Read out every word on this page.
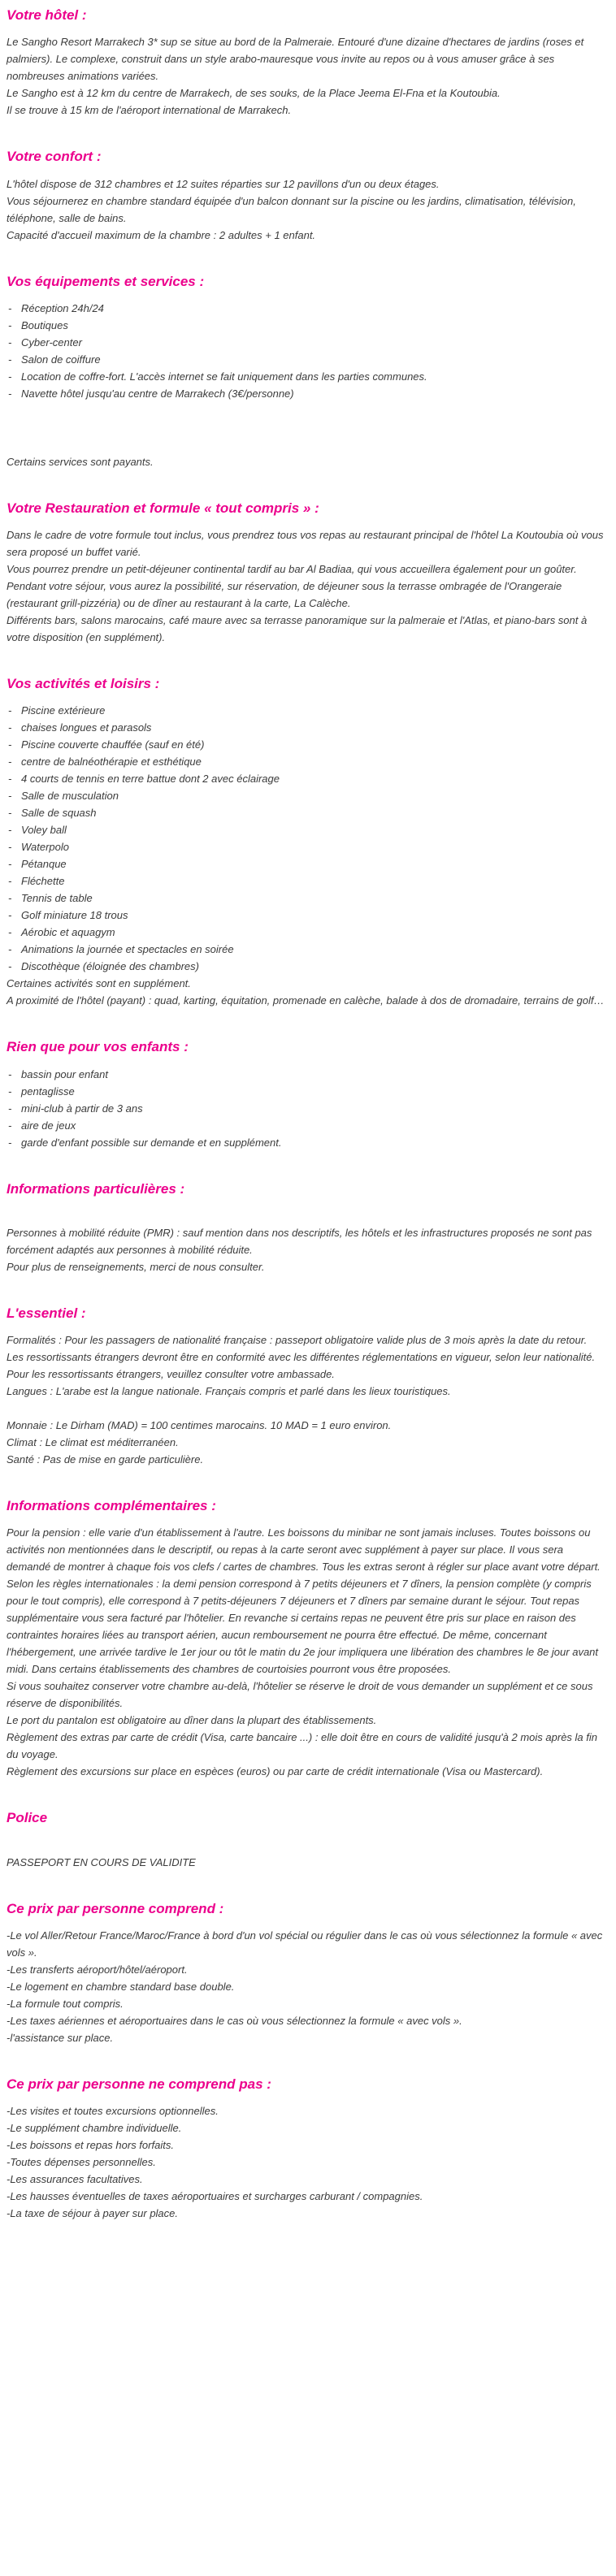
Votre hôtel :

Le Sangho Resort Marrakech 3* sup se situe au bord de la Palmeraie. Entouré d'une dizaine d'hectares de jardins (roses et palmiers). Le complexe, construit dans un style arabo-mauresque vous invite au repos ou à vous amuser grâce à ses nombreuses animations variées.

Le Sangho est à 12 km du centre de Marrakech, de ses souks, de la Place Jeema El-Fna et la Koutoubia.

Il se trouve à 15 km de l'aéroport international de Marrakech.

Votre confort :

L'hôtel dispose de 312 chambres et 12 suites réparties sur 12 pavillons d'un ou deux étages.

Vous séjournerez en chambre standard équipée d'un balcon donnant sur la piscine ou les jardins, climatisation, télévision, téléphone, salle de bains.

Capacité d'accueil maximum de la chambre : 2 adultes + 1 enfant.

Vos équipements et services :
- Réception 24h/24
- Boutiques
- Cyber-center
- Salon de coiffure
- Location de coffre-fort. L'accès internet se fait uniquement dans les parties communes.
- Navette hôtel jusqu'au centre de Marrakech (3€/personne)

Certains services sont payants.

Votre Restauration et formule « tout compris » :

Dans le cadre de votre formule tout inclus, vous prendrez tous vos repas au restaurant principal de l'hôtel La Koutoubia où vous sera proposé un buffet varié.

Vous pourrez prendre un petit-déjeuner continental tardif au bar Al Badiaa, qui vous accueillera également pour un goûter.

Pendant votre séjour, vous aurez la possibilité, sur réservation, de déjeuner sous la terrasse ombragée de l'Orangeraie (restaurant grill-pizzéria) ou de dîner au restaurant à la carte, La Calèche.

Différents bars, salons marocains, café maure avec sa terrasse panoramique sur la palmeraie et l'Atlas, et piano-bars sont à votre disposition (en supplément).

Vos activités et loisirs :
- Piscine extérieure
- chaises longues et parasols
- Piscine couverte chauffée (sauf en été)
- centre de balnéothérapie et esthétique
- 4 courts de tennis en terre battue dont 2 avec éclairage
- Salle de musculation
- Salle de squash
- Voley ball
- Waterpolo
- Pétanque
- Fléchette
- Tennis de table
- Golf miniature 18 trous
- Aérobic et aquagym
- Animations la journée et spectacles en soirée
- Discothèque (éloignée des chambres)

Certaines activités sont en supplément.

A proximité de l'hôtel (payant) : quad, karting, équitation, promenade en calèche, balade à dos de dromadaire, terrains de golf…

Rien que pour vos enfants :
- bassin pour enfant
- pentaglisse
- mini-club à partir de 3 ans
- aire de jeux
- garde d'enfant possible sur demande et en supplément.
Informations particulières :

Personnes à mobilité réduite (PMR) : sauf mention dans nos descriptifs, les hôtels et les infrastructures proposés ne sont pas forcément adaptés aux personnes à mobilité réduite.

Pour plus de renseignements, merci de nous consulter.

L'essentiel :

Formalités : Pour les passagers de nationalité française : passeport obligatoire valide plus de 3 mois après la date du retour.

Les ressortissants étrangers devront être en conformité avec les différentes réglementations en vigueur, selon leur nationalité.

Pour les ressortissants étrangers, veuillez consulter votre ambassade.

Langues : L'arabe est la langue nationale. Français compris et parlé dans les lieux touristiques.

Monnaie : Le Dirham (MAD) = 100 centimes marocains. 10 MAD = 1 euro environ.

Climat : Le climat est méditerranéen.

Santé : Pas de mise en garde particulière.

Informations complémentaires :

Pour la pension : elle varie d'un établissement à l'autre. Les boissons du minibar ne sont jamais incluses. Toutes boissons ou activités non mentionnées dans le descriptif, ou repas à la carte seront avec supplément à payer sur place. Il vous sera demandé de montrer à chaque fois vos clefs / cartes de chambres. Tous les extras seront à régler sur place avant votre départ.

Selon les règles internationales : la demi pension correspond à 7 petits déjeuners et 7 dîners, la pension complète (y compris pour le tout compris), elle correspond à 7 petits-déjeuners 7 déjeuners et 7 dîners par semaine durant le séjour. Tout repas supplémentaire vous sera facturé par l'hôtelier. En revanche si certains repas ne peuvent être pris sur place en raison des contraintes horaires liées au transport aérien, aucun remboursement ne pourra être effectué. De même, concernant l'hébergement, une arrivée tardive le 1er jour ou tôt le matin du 2e jour impliquera une libération des chambres le 8e jour avant midi. Dans certains établissements des chambres de courtoisies pourront vous être proposées.

Si vous souhaitez conserver votre chambre au-delà, l'hôtelier se réserve le droit de vous demander un supplément et ce sous réserve de disponibilités.

Le port du pantalon est obligatoire au dîner dans la plupart des établissements.

Règlement des extras par carte de crédit (Visa, carte bancaire ...) : elle doit être en cours de validité jusqu'à 2 mois après la fin du voyage.

Règlement des excursions sur place en espèces (euros) ou par carte de crédit internationale (Visa ou Mastercard).

Police

PASSEPORT EN COURS DE VALIDITE

Ce prix par personne comprend :

-Le vol Aller/Retour France/Maroc/France à bord d'un vol spécial ou régulier dans le cas où vous sélectionnez la formule « avec vols ».

-Les transferts aéroport/hôtel/aéroport.

-Le logement en chambre standard base double.

-La formule tout compris.

-Les taxes aériennes et aéroportuaires dans le cas où vous sélectionnez la formule « avec vols ».

-l'assistance sur place.

Ce prix par personne ne comprend pas :

-Les visites et toutes excursions optionnelles.

-Le supplément chambre individuelle.

-Les boissons et repas hors forfaits.

-Toutes dépenses personnelles.

-Les assurances facultatives.

-Les hausses éventuelles de taxes aéroportuaires et surcharges carburant / compagnies.

-La taxe de séjour à payer sur place.
